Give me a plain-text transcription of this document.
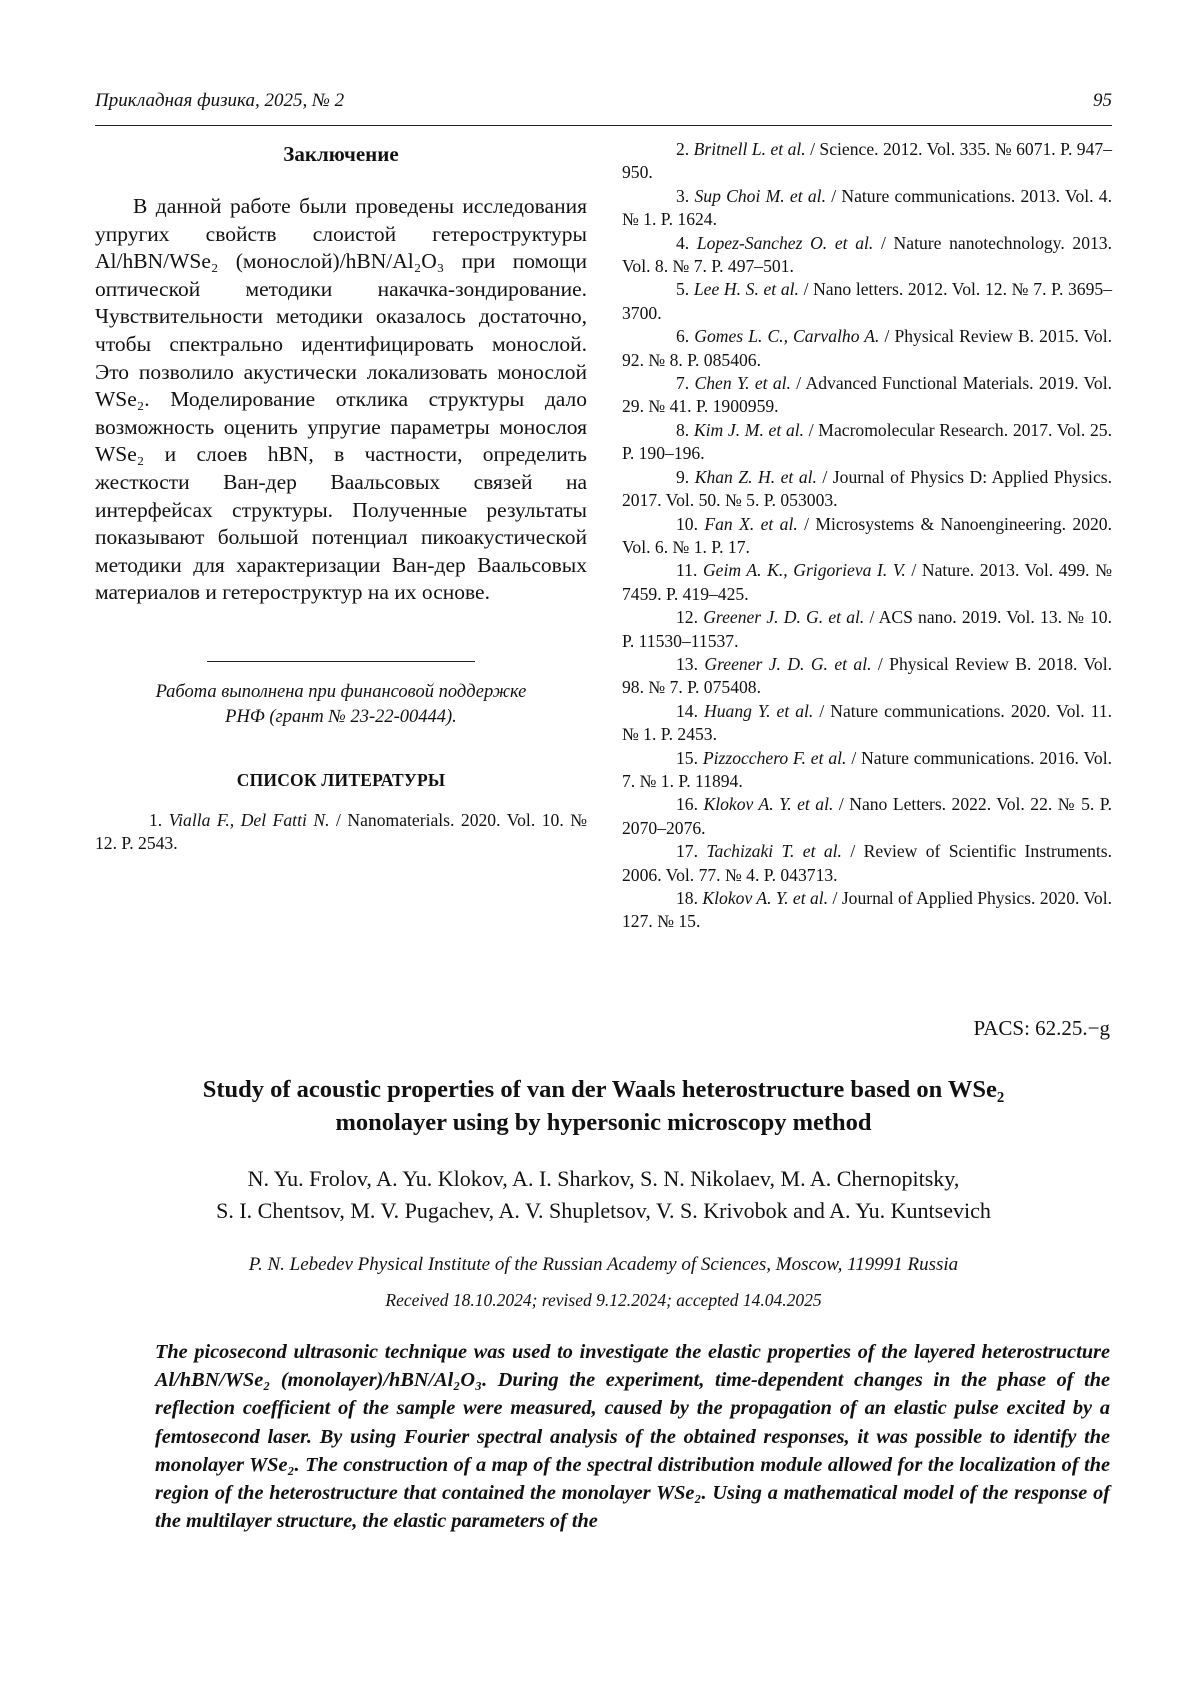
Прикладная физика, 2025, № 2	95
Заключение

В данной работе были проведены исследования упругих свойств слоистой гетероструктуры Al/hBN/WSe₂ (монослой)/hBN/Al₂O₃ при помощи оптической методики накачка-зондирование. Чувствительности методики оказалось достаточно, чтобы спектрально идентифицировать монослой. Это позволило акустически локализовать монослой WSe₂. Моделирование отклика структуры дало возможность оценить упругие параметры монослоя WSe₂ и слоев hBN, в частности, определить жесткости Ван-дер Ваальсовых связей на интерфейсах структуры. Полученные результаты показывают большой потенциал пикоакустической методики для характеризации Ван-дер Ваальсовых материалов и гетероструктур на их основе.

Работа выполнена при финансовой поддержке
РНФ (грант № 23-22-00444).
СПИСОК ЛИТЕРАТУРЫ

1. Vialla F., Del Fatti N. / Nanomaterials. 2020. Vol. 10. № 12. P. 2543.

2. Britnell L. et al. / Science. 2012. Vol. 335. № 6071. P. 947–950.

3. Sup Choi M. et al. / Nature communications. 2013. Vol. 4. № 1. P. 1624.

4. Lopez-Sanchez O. et al. / Nature nanotechnology. 2013. Vol. 8. № 7. P. 497–501.

5. Lee H. S. et al. / Nano letters. 2012. Vol. 12. № 7. P. 3695–3700.

6. Gomes L. C., Carvalho A. / Physical Review B. 2015. Vol. 92. № 8. P. 085406.

7. Chen Y. et al. / Advanced Functional Materials. 2019. Vol. 29. № 41. P. 1900959.

8. Kim J. M. et al. / Macromolecular Research. 2017. Vol. 25. P. 190–196.

9. Khan Z. H. et al. / Journal of Physics D: Applied Physics. 2017. Vol. 50. № 5. P. 053003.

10. Fan X. et al. / Microsystems & Nanoengineering. 2020. Vol. 6. № 1. P. 17.

11. Geim A. K., Grigorieva I. V. / Nature. 2013. Vol. 499. № 7459. P. 419–425.

12. Greener J. D. G. et al. / ACS nano. 2019. Vol. 13. № 10. P. 11530–11537.

13. Greener J. D. G. et al. / Physical Review B. 2018. Vol. 98. № 7. P. 075408.

14. Huang Y. et al. / Nature communications. 2020. Vol. 11. № 1. P. 2453.

15. Pizzocchero F. et al. / Nature communications. 2016. Vol. 7. № 1. P. 11894.

16. Klokov A. Y. et al. / Nano Letters. 2022. Vol. 22. № 5. P. 2070–2076.

17. Tachizaki T. et al. / Review of Scientific Instruments. 2006. Vol. 77. № 4. P. 043713.

18. Klokov A. Y. et al. / Journal of Applied Physics. 2020. Vol. 127. № 15.

PACS: 62.25.−g
Study of acoustic properties of van der Waals heterostructure based on WSe₂
monolayer using by hypersonic microscopy method
N. Yu. Frolov, A. Yu. Klokov, A. I. Sharkov, S. N. Nikolaev, M. A. Chernopitsky,
S. I. Chentsov, M. V. Pugachev, A. V. Shupletsov, V. S. Krivobok and A. Yu. Kuntsevich
P. N. Lebedev Physical Institute of the Russian Academy of Sciences, Moscow, 119991 Russia
Received 18.10.2024; revised 9.12.2024; accepted 14.04.2025

The picosecond ultrasonic technique was used to investigate the elastic properties of the layered heterostructure Al/hBN/WSe₂ (monolayer)/hBN/Al₂O₃. During the experiment, time-dependent changes in the phase of the reflection coefficient of the sample were measured, caused by the propagation of an elastic pulse excited by a femtosecond laser. By using Fourier spectral analysis of the obtained responses, it was possible to identify the monolayer WSe₂. The construction of a map of the spectral distribution module allowed for the localization of the region of the heterostructure that contained the monolayer WSe₂. Using a mathematical model of the response of the multilayer structure, the elastic parameters of the
